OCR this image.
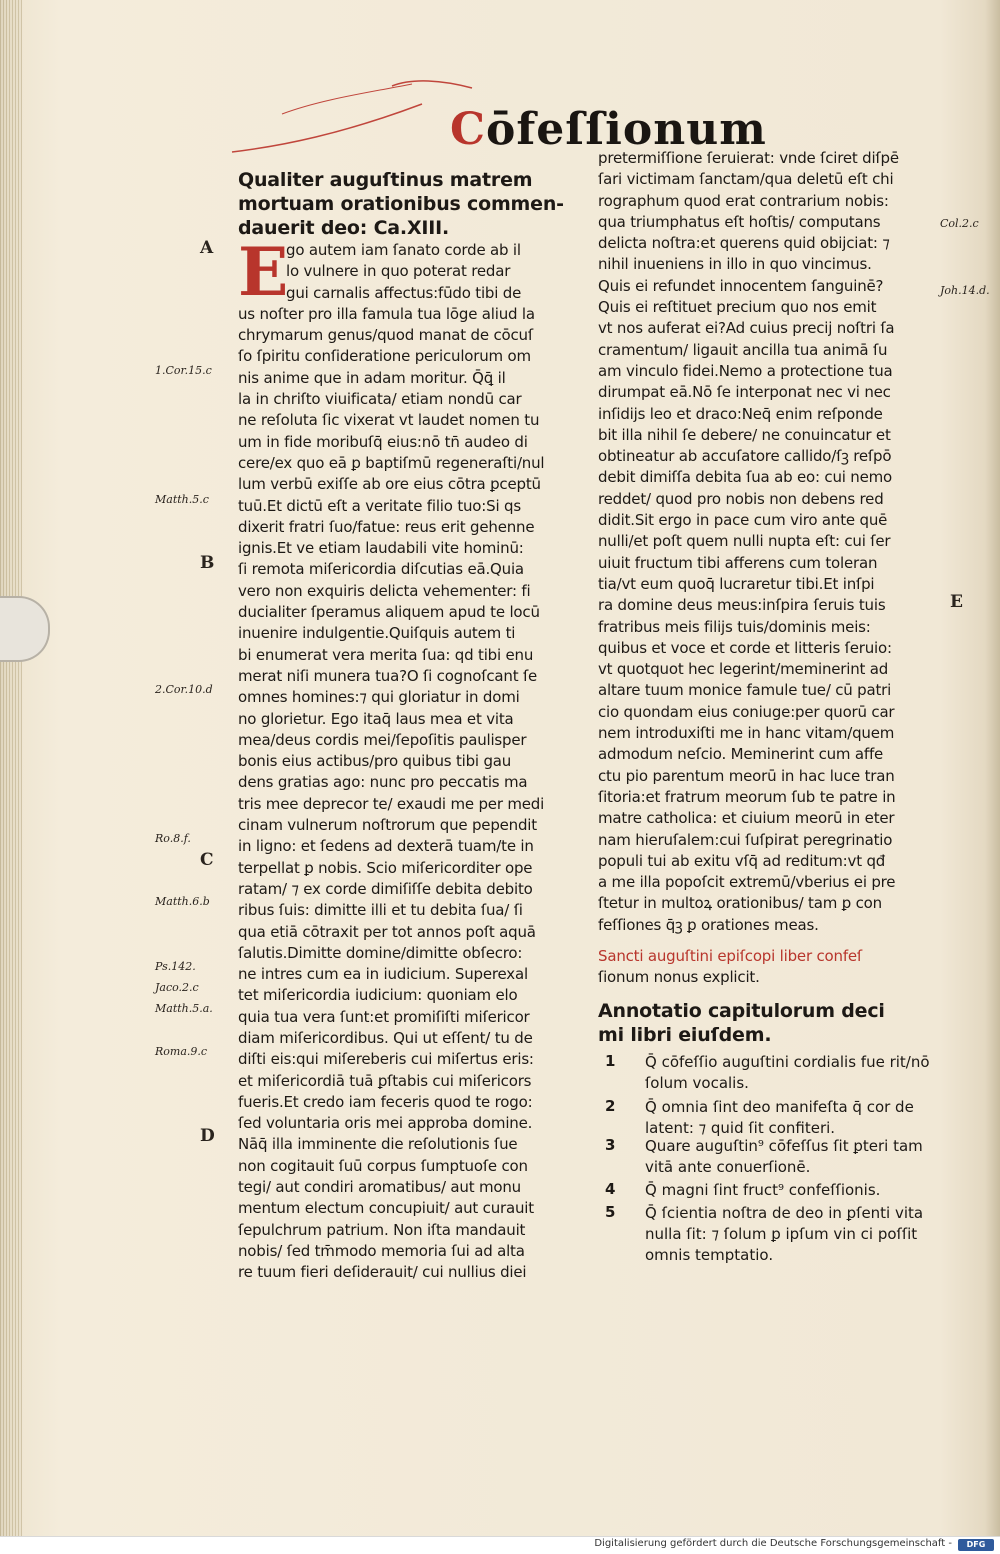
Cōfeſſionum
Qualiter auguſtinus matrem
mortuam orationibus commen-
dauerit deo: Ca.XIII.
go autem iam ſanato corde ab il
lo vulnere in quo poterat redar
gui carnalis affectus:fūdo tibi de
us noſter pro illa famula tua lōge aliud la
chrymarum genus/quod manat de cōcuſ
ſo ſpiritu conſideratione periculorum om
nis anime que in adam moritur. Q̄ꝗ̄ il
la in chriſto viuificata/ etiam nondū car
ne reſoluta ſic vixerat vt laudet nomen tu
um in fide moribuſq̄ eius:nō tn̄ audeo di
cere/ex quo eā ꝑ baptiſmū regeneraſti/nul
lum verbū exiſſe ab ore eius cōtra ꝑceptū
tuū.Et dictū eſt a veritate filio tuo:Si qs
dixerit fratri ſuo/fatue: reus erit gehenne
ignis.Et ve etiam laudabili vite hominū:
ſi remota miſericordia diſcutias eā.Quia
vero non exquiris delicta vehementer: fi
ducialiter ſperamus aliquem apud te locū
inuenire indulgentie.Quiſquis autem ti
bi enumerat vera merita ſua: qd tibi enu
merat niſi munera tua?O ſi cognoſcant ſe
omnes homines:⁊ qui gloriatur in domi
no glorietur. Ego itaq̄ laus mea et vita
mea/deus cordis mei/ſepoſitis paulisper
bonis eius actibus/pro quibus tibi gau
dens gratias ago: nunc pro peccatis ma
tris mee deprecor te/ exaudi me per medi
cinam vulnerum noſtrorum que pependit
in ligno: et ſedens ad dexterā tuam/te in
terpellat ꝑ nobis. Scio miſericorditer ope
ratam/ ⁊ ex corde dimiſiſſe debita debito
ribus ſuis: dimitte illi et tu debita ſua/ ſi
qua etiā cōtraxit per tot annos poſt aquā
ſalutis.Dimitte domine/dimitte obſecro:
ne intres cum ea in iudicium. Superexal
tet miſericordia iudicium: quoniam elo
quia tua vera ſunt:et promiſiſti miſericor
diam miſericordibus. Qui ut eſſent/ tu de
diſti eis:qui miſereberis cui miſertus eris:
et miſericordiā tuā ꝑſtabis cui miſericors
fueris.Et credo iam feceris quod te rogo:
ſed voluntaria oris mei approba domine.
Nāq̄ illa imminente die reſolutionis ſue
non cogitauit ſuū corpus ſumptuoſe con
tegi/ aut condiri aromatibus/ aut monu
mentum electum concupiuit/ aut curauit
ſepulchrum patrium. Non iſta mandauit
nobis/ ſed tm̄modo memoria ſui ad alta
re tuum fieri deſiderauit/ cui nullius diei
E
pretermiſſione ſeruierat: vnde ſciret diſpē
ſari victimam ſanctam/qua deletū eſt chi
rographum quod erat contrarium nobis:
qua triumphatus eſt hoſtis/ computans
delicta noſtra:et querens quid obijciat: ⁊
nihil inueniens in illo in quo vincimus.
Quis ei refundet innocentem ſanguinē?
Quis ei reſtituet precium quo nos emit
vt nos auferat ei?Ad cuius precij noſtri ſa
cramentum/ ligauit ancilla tua animā ſu
am vinculo fidei.Nemo a protectione tua
dirumpat eā.Nō ſe interponat nec vi nec
inſidijs leo et draco:Neq̄ enim reſponde
bit illa nihil ſe debere/ ne conuincatur et
obtineatur ab accuſatore callido/ſꝫ reſpō
debit dimiſſa debita ſua ab eo: cui nemo
reddet/ quod pro nobis non debens red
didit.Sit ergo in pace cum viro ante quē
nulli/et poſt quem nulli nupta eſt: cui ſer
uiuit fructum tibi afferens cum toleran
tia/vt eum quoq̄ lucraretur tibi.Et inſpi
ra domine deus meus:inſpira ſeruis tuis
fratribus meis filijs tuis/dominis meis:
quibus et voce et corde et litteris ſeruio:
vt quotquot hec legerint/meminerint ad
altare tuum monice famule tue/ cū patri
cio quondam eius coniuge:per quorū car
nem introduxiſti me in hanc vitam/quem
admodum neſcio. Meminerint cum affe
ctu pio parentum meorū in hac luce tran
ſitoria:et fratrum meorum ſub te patre in
matre catholica: et ciuium meorū in eter
nam hieruſalem:cui ſuſpirat peregrinatio
populi tui ab exitu vſq̄ ad reditum:vt qđ
a me illa popoſcit extremū/vberius ei pre
ſtetur in multoꝝ orationibus/ tam ꝑ con
feſſiones q̄ꝫ ꝑ orationes meas.
Sancti auguſtini epiſcopi liber confeſ
ſionum nonus explicit.
Annotatio capitulorum deci
mi libri eiuſdem.
1	Q̄ cōfeſſio auguſtini cordialis fue rit/nō ſolum vocalis.
2	Q̄ omnia ſint deo manifeſta q̄ cor de latent: ⁊ quid ſit confiteri.
3	Quare auguſtin⁹ cōfeſſus ſit ꝑteri tam vitā ante conuerſionē.
4	Q̄ magni ſint fruct⁹ confeſſionis.
5	Q̄ ſcientia noſtra de deo in ꝑſenti vita nulla ſit: ⁊ ſolum ꝑ ipſum vin ci poſſit omnis temptatio.
A
B
C
D
1.Cor.15.c
Matth.5.c
2.Cor.10.d
Ro.8.f.
Matth.6.b
Ps.142.
Jaco.2.c
Matth.5.a.
Roma.9.c
Col.2.c
Joh.14.d.
E
Digitalisierung gefördert durch die Deutsche Forschungsgemeinschaft -	DFG
